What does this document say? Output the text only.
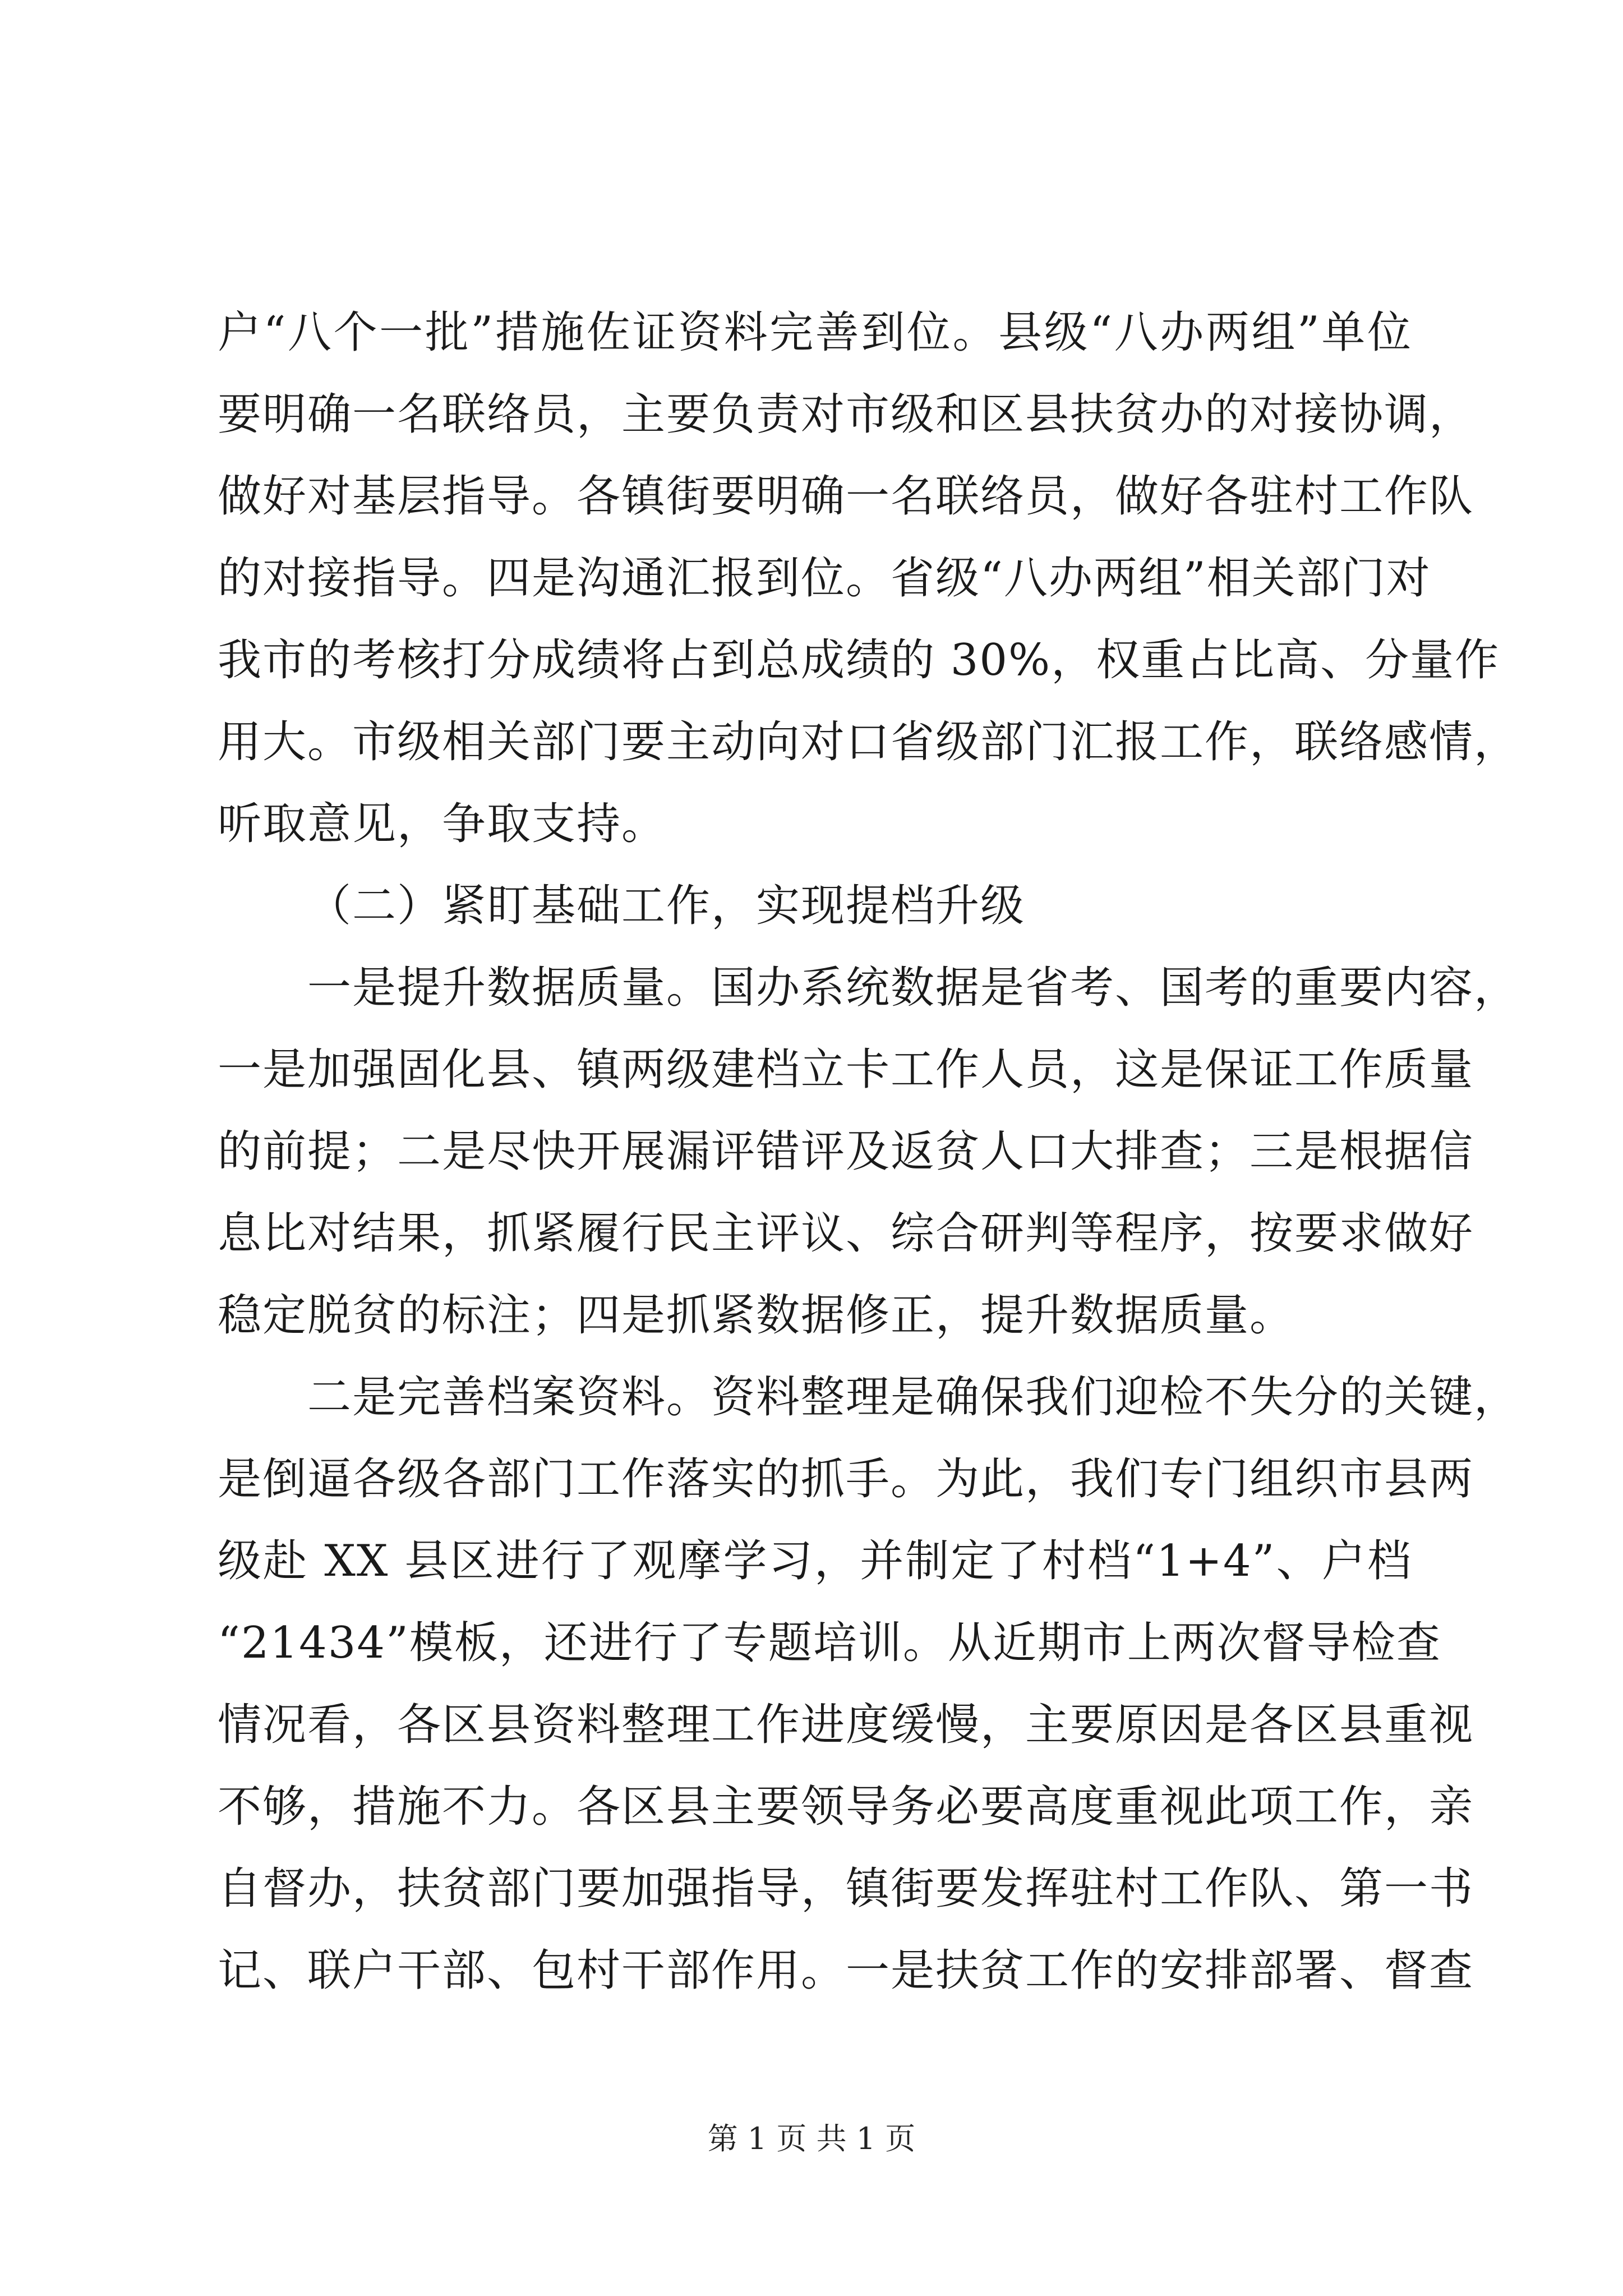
户“八个一批”措施佐证资料完善到位。县级“八办两组”单位
要明确一名联络员，主要负责对市级和区县扶贫办的对接协调，
做好对基层指导。各镇街要明确一名联络员，做好各驻村工作队
的对接指导。四是沟通汇报到位。省级“八办两组”相关部门对
我市的考核打分成绩将占到总成绩的 30%，权重占比高、分量作
用大。市级相关部门要主动向对口省级部门汇报工作，联络感情，
听取意见，争取支持。
（二）紧盯基础工作，实现提档升级
一是提升数据质量。国办系统数据是省考、国考的重要内容，
一是加强固化县、镇两级建档立卡工作人员，这是保证工作质量
的前提；二是尽快开展漏评错评及返贫人口大排查；三是根据信
息比对结果，抓紧履行民主评议、综合研判等程序，按要求做好
稳定脱贫的标注；四是抓紧数据修正，提升数据质量。
二是完善档案资料。资料整理是确保我们迎检不失分的关键，
是倒逼各级各部门工作落实的抓手。为此，我们专门组织市县两
级赴 XX 县区进行了观摩学习，并制定了村档“1+4”、户档
“21434”模板，还进行了专题培训。从近期市上两次督导检查
情况看，各区县资料整理工作进度缓慢，主要原因是各区县重视
不够，措施不力。各区县主要领导务必要高度重视此项工作，亲
自督办，扶贫部门要加强指导，镇街要发挥驻村工作队、第一书
记、联户干部、包村干部作用。一是扶贫工作的安排部署、督查
第 1 页 共 1 页
